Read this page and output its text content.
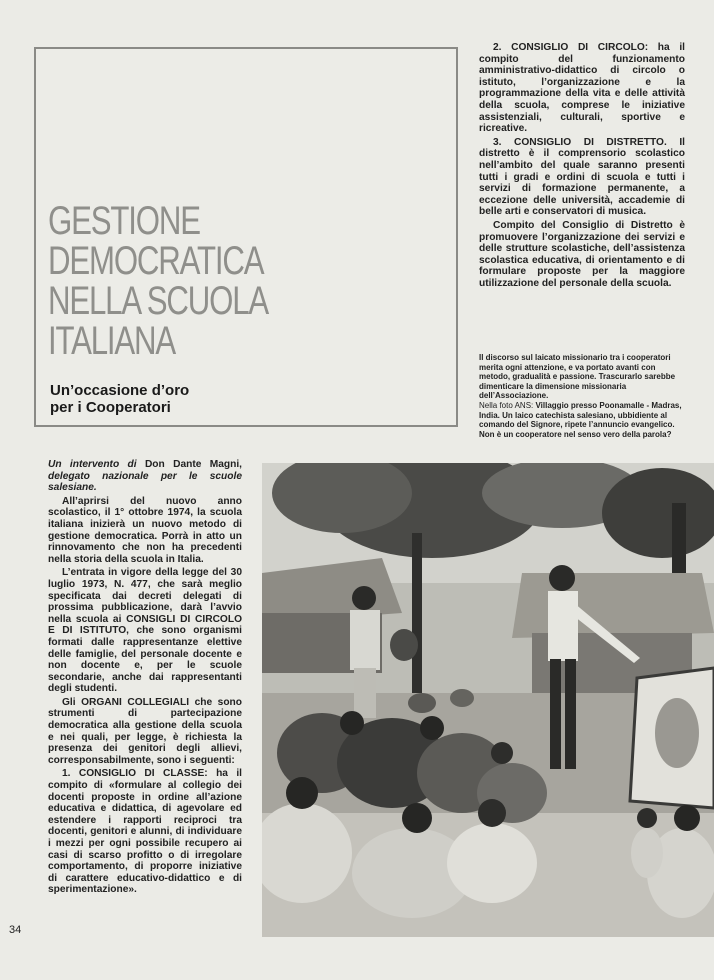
GESTIONE
DEMOCRATICA
NELLA SCUOLA
ITALIANA
Un’occasione d’oro
per i Cooperatori

2. CONSIGLIO DI CIRCOLO: ha il compito del funzionamento amministrativo-didattico di circolo o istituto, l’organizzazione e la programmazione della vita e delle attività della scuola, comprese le iniziative assistenziali, culturali, sportive e ricreative.

3. CONSIGLIO DI DISTRETTO. Il distretto è il comprensorio scolastico nell’ambito del quale saranno presenti tutti i gradi e ordini di scuola e tutti i servizi di formazione permanente, a eccezione delle università, accademie di belle arti e conservatori di musica.

Compito del Consiglio di Distretto è promuovere l’organizzazione dei servizi e delle strutture scolastiche, dell’assistenza scolastica educativa, di orientamento e di formulare proposte per la maggiore utilizzazione del personale della scuola.

Il discorso sul laicato missionario tra i cooperatori merita ogni attenzione, e va portato avanti con metodo, gradualità e passione. Trascurarlo sarebbe dimenticare la dimensione missionaria dell’Associazione.

Nella foto ANS: Villaggio presso Poonamalle - Madras, India. Un laico catechista salesiano, ubbidiente al comando del Signore, ripete l’annuncio evangelico. Non è un cooperatore nel senso vero della parola?

Un intervento di Don Dante Magni, delegato nazionale per le scuole salesiane.

All’aprirsi del nuovo anno scolastico, il 1° ottobre 1974, la scuola italiana inizierà un nuovo metodo di gestione democratica. Porrà in atto un rinnovamento che non ha precedenti nella storia della scuola in Italia.

L’entrata in vigore della legge del 30 luglio 1973, N. 477, che sarà meglio specificata dai decreti delegati di prossima pubblicazione, darà l’avvio nella scuola ai CONSIGLI DI CIRCOLO E DI ISTITUTO, che sono organismi formati dalle rappresentanze elettive delle famiglie, del personale docente e non docente e, per le scuole secondarie, anche dai rappresentanti degli studenti.

Gli ORGANI COLLEGIALI che sono strumenti di partecipazione democratica alla gestione della scuola e nei quali, per legge, è richiesta la presenza dei genitori degli allievi, corresponsabilmente, sono i seguenti:

1. CONSIGLIO DI CLASSE: ha il compito di «formulare al collegio dei docenti proposte in ordine all’azione educativa e didattica, di agevolare ed estendere i rapporti reciproci tra docenti, genitori e alunni, di individuare i mezzi per ogni possibile recupero ai casi di scarso profitto o di irregolare comportamento, di proporre iniziative di carattere educativo-didattico e di sperimentazione».

34
